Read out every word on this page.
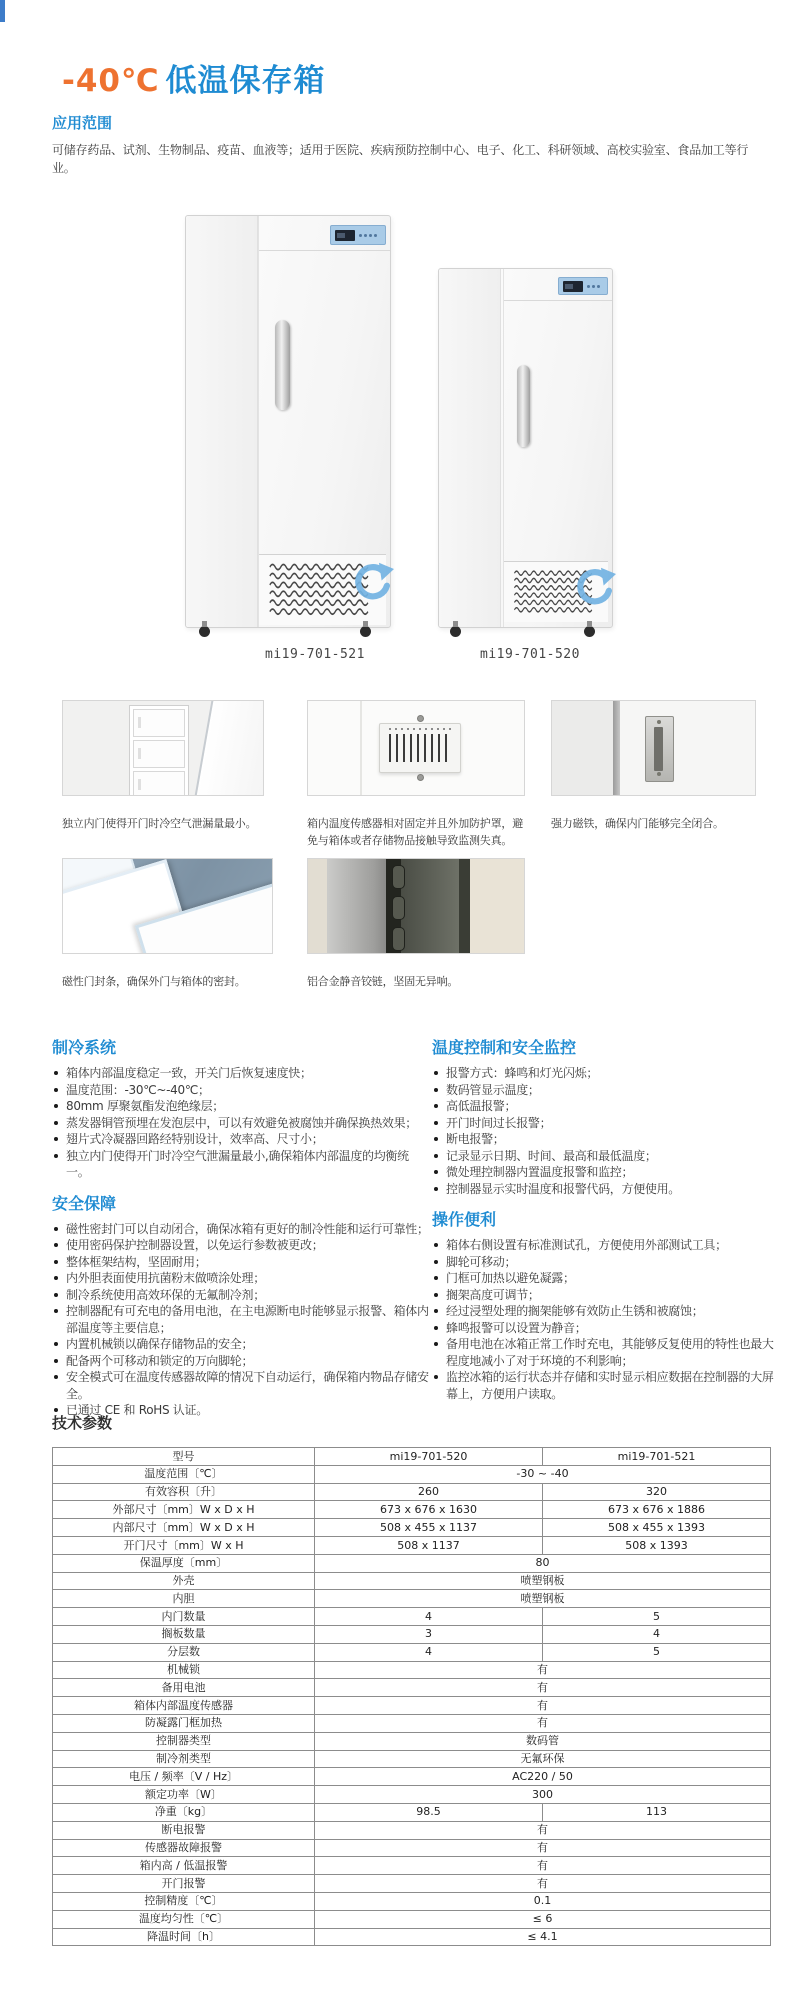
-40℃ 低温保存箱
应用范围

可储存药品、试剂、生物制品、疫苗、血液等；适用于医院、疾病预防控制中心、电子、化工、科研领域、高校实验室、食品加工等行业。

mi19-701-521	mi19-701-520

独立内门使得开门时冷空气泄漏量最小。	箱内温度传感器相对固定并且外加防护罩，避免与箱体或者存储物品接触导致监测失真。

强力磁铁，确保内门能够完全闭合。

磁性门封条，确保外门与箱体的密封。	铝合金静音铰链，坚固无异响。

制冷系统
箱体内部温度稳定一致，开关门后恢复速度快；
温度范围：-30℃~-40℃；
80mm 厚聚氨酯发泡绝缘层；
蒸发器铜管预埋在发泡层中，可以有效避免被腐蚀并确保换热效果；
翅片式冷凝器回路经特别设计，效率高、尺寸小；
独立内门使得开门时冷空气泄漏量最小,确保箱体内部温度的均衡统一。
安全保障
磁性密封门可以自动闭合，确保冰箱有更好的制冷性能和运行可靠性；
使用密码保护控制器设置，以免运行参数被更改；
整体框架结构，坚固耐用；
内外胆表面使用抗菌粉末做喷涂处理；
制冷系统使用高效环保的无氟制冷剂；
控制器配有可充电的备用电池，在主电源断电时能够显示报警、箱体内部温度等主要信息；
内置机械锁以确保存储物品的安全；
配备两个可移动和锁定的万向脚轮；
安全模式可在温度传感器故障的情况下自动运行，确保箱内物品存储安全。
已通过 CE 和 RoHS 认证。
温度控制和安全监控
报警方式：蜂鸣和灯光闪烁；
数码管显示温度；
高低温报警；
开门时间过长报警；
断电报警；
记录显示日期、时间、最高和最低温度；
微处理控制器内置温度报警和监控；
控制器显示实时温度和报警代码，方便使用。
操作便利
箱体右侧设置有标准测试孔，方便使用外部测试工具；
脚轮可移动；
门框可加热以避免凝露；
搁架高度可调节；
经过浸塑处理的搁架能够有效防止生锈和被腐蚀；
蜂鸣报警可以设置为静音；
备用电池在冰箱正常工作时充电，其能够反复使用的特性也最大程度地减小了对于环境的不利影响；
监控冰箱的运行状态并存储和实时显示相应数据在控制器的大屏幕上，方便用户读取。
技术参数
型号	mi19-701-520	mi19-701-521
温度范围〔℃〕	-30 ~ -40	
有效容积〔升〕	260	320
外部尺寸〔mm〕W x D x H	673 x 676 x 1630	673 x 676 x 1886
内部尺寸〔mm〕W x D x H	508 x 455 x 1137	508 x 455 x 1393
开门尺寸〔mm〕W x H	508 x 1137	508 x 1393
保温厚度〔mm〕	80	
外壳	喷塑钢板	
内胆	喷塑钢板	
内门数量	4	5
搁板数量	3	4
分层数	4	5
机械锁	有	
备用电池	有	
箱体内部温度传感器	有	
防凝露门框加热	有	
控制器类型	数码管	
制冷剂类型	无氟环保	
电压 / 频率〔V / Hz〕	AC220 / 50	
额定功率〔W〕	300	
净重〔kg〕	98.5	113
断电报警	有	
传感器故障报警	有	
箱内高 / 低温报警	有	
开门报警	有	
控制精度〔℃〕	0.1	
温度均匀性〔℃〕	≤ 6	
降温时间〔h〕	≤ 4.1	
